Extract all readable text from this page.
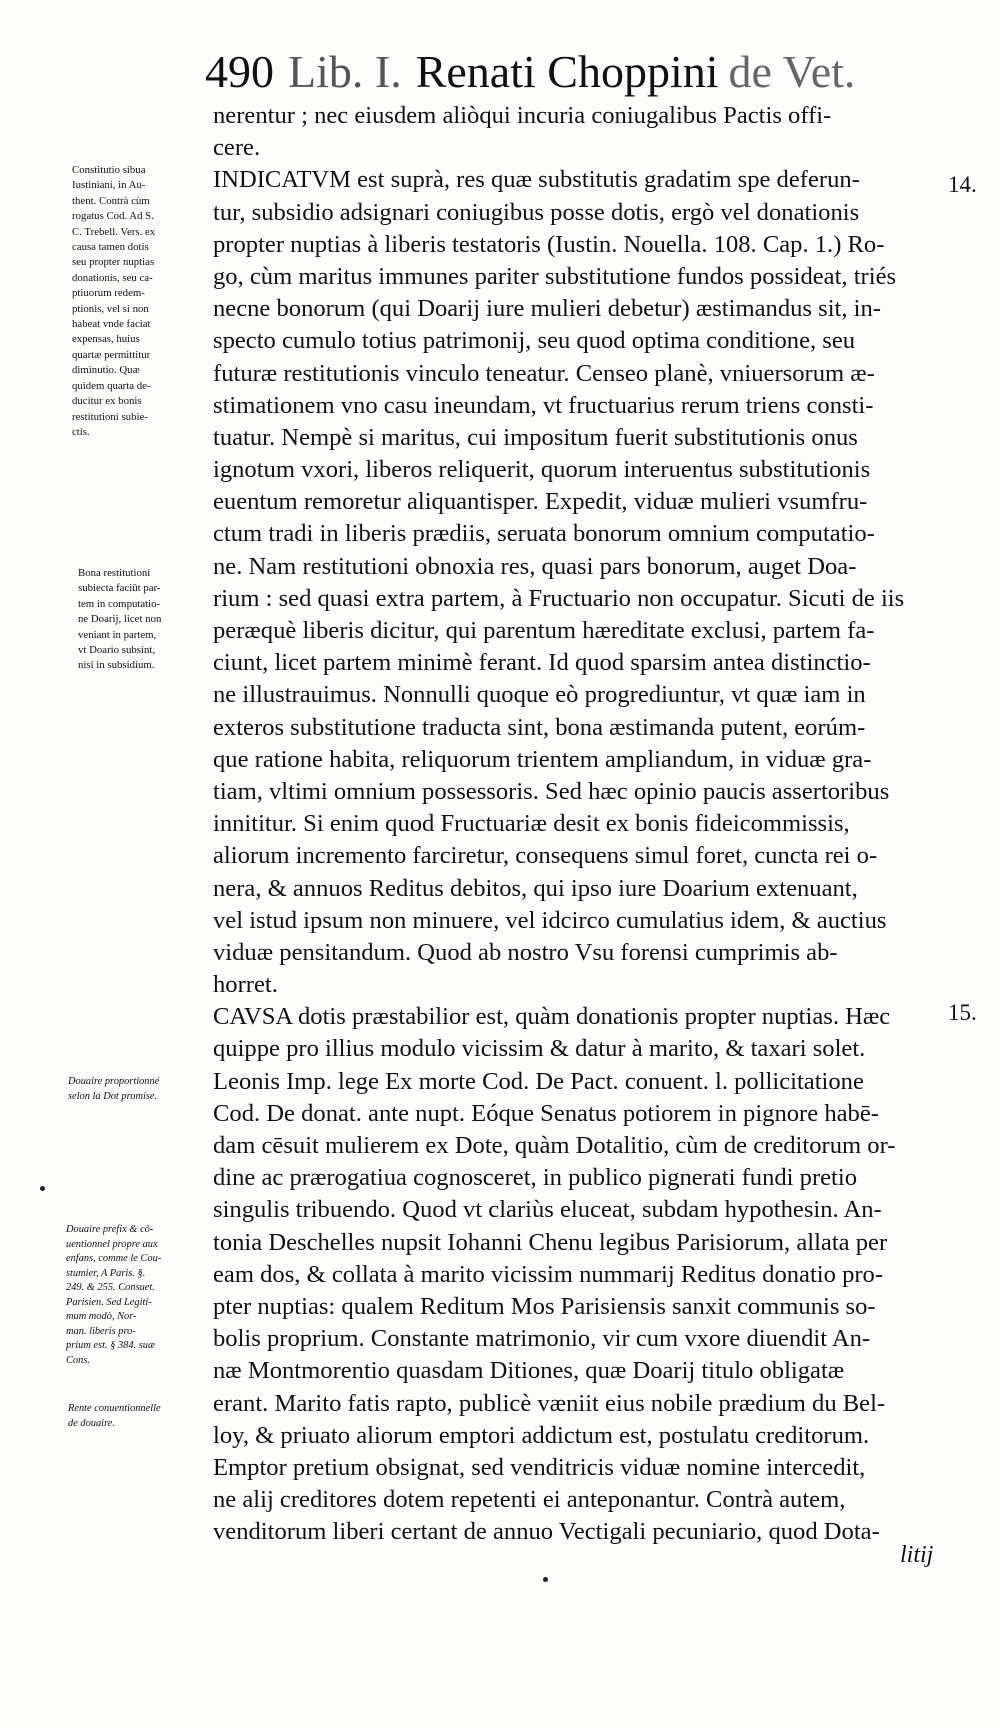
490 Lib. I. Renati Choppini de Vet.
Constitutio sibua
Iustiniani, in Au-
thent. Contrà cùm
rogatus Cod. Ad S.
C. Trebell. Vers. ex
causa tamen dotis
seu propter nuptias
donationis, seu ca-
ptiuorum redem-
ptionis, vel si non
habeat vnde faciat
expensas, huius
quartæ permittitur
diminutio. Quæ
quidem quarta de-
ducitur ex bonis
restitutioni subie-
ctis.
Bona restitutioni
subiecta faciūt par-
tem in computatio-
ne Doarij, licet non
veniant in partem,
vt Doario subsint,
nisi in subsidium.
Douaire proportionné
selon la Dot promise.
Douaire prefix & cō-
uentionnel propre aux
enfans, comme le Cou-
stumier, A Paris. §.
249. & 255. Consuet.
Parisien. Sed Legiti-
mum modò, Nor-
man. liberis pro-
prium est. § 384. suæ
Cons.
Rente conuentionnelle
de douaire.
nerentur ; nec eiusdem aliòqui incuria coniugalibus Pactis offi-
cere.
INDICATVM est suprà, res quæ substitutis gradatim spe deferun-
tur, subsidio adsignari coniugibus posse dotis, ergò vel donationis
propter nuptias à liberis testatoris (Iustin. Nouella. 108. Cap. 1.) Ro-
go, cùm maritus immunes pariter substitutione fundos possideat, triés
necne bonorum (qui Doarij iure mulieri debetur) æstimandus sit, in-
specto cumulo totius patrimonij, seu quod optima conditione, seu
futuræ restitutionis vinculo teneatur. Censeo planè, vniuersorum æ-
stimationem vno casu ineundam, vt fructuarius rerum triens consti-
tuatur. Nempè si maritus, cui impositum fuerit substitutionis onus
ignotum vxori, liberos reliquerit, quorum interuentus substitutionis
euentum remoretur aliquantisper. Expedit, viduæ mulieri vsumfru-
ctum tradi in liberis prædiis, seruata bonorum omnium computatio-
ne. Nam restitutioni obnoxia res, quasi pars bonorum, auget Doa-
rium : sed quasi extra partem, à Fructuario non occupatur. Sicuti de iis
peræquè liberis dicitur, qui parentum hæreditate exclusi, partem fa-
ciunt, licet partem minimè ferant. Id quod sparsim antea distinctio-
ne illustrauimus. Nonnulli quoque eò progrediuntur, vt quæ iam in
exteros substitutione traducta sint, bona æstimanda putent, eorúm-
que ratione habita, reliquorum trientem ampliandum, in viduæ gra-
tiam, vltimi omnium possessoris. Sed hæc opinio paucis assertoribus
innititur. Si enim quod Fructuariæ desit ex bonis fideicommissis,
aliorum incremento farciretur, consequens simul foret, cuncta rei o-
nera, & annuos Reditus debitos, qui ipso iure Doarium extenuant,
vel istud ipsum non minuere, vel idcirco cumulatius idem, & auctius
viduæ pensitandum. Quod ab nostro Vsu forensi cumprimis ab-
horret.
CAVSA dotis præstabilior est, quàm donationis propter nuptias. Hæc
quippe pro illius modulo vicissim & datur à marito, & taxari solet.
Leonis Imp. lege Ex morte Cod. De Pact. conuent. l. pollicitatione
Cod. De donat. ante nupt. Eóque Senatus potiorem in pignore habē-
dam cēsuit mulierem ex Dote, quàm Dotalitio, cùm de creditorum or-
dine ac prærogatiua cognosceret, in publico pignerati fundi pretio
singulis tribuendo. Quod vt clariùs eluceat, subdam hypothesin. An-
tonia Deschelles nupsit Iohanni Chenu legibus Parisiorum, allata per
eam dos, & collata à marito vicissim nummarij Reditus donatio pro-
pter nuptias: qualem Reditum Mos Parisiensis sanxit communis so-
bolis proprium. Constante matrimonio, vir cum vxore diuendit An-
næ Montmorentio quasdam Ditiones, quæ Doarij titulo obligatæ
erant. Marito fatis rapto, publicè væniit eius nobile prædium du Bel-
loy, & priuato aliorum emptori addictum est, postulatu creditorum.
Emptor pretium obsignat, sed venditricis viduæ nomine intercedit,
ne alij creditores dotem repetenti ei anteponantur. Contrà autem,
venditorum liberi certant de annuo Vectigali pecuniario, quod Dota-
litij
14.
15.
